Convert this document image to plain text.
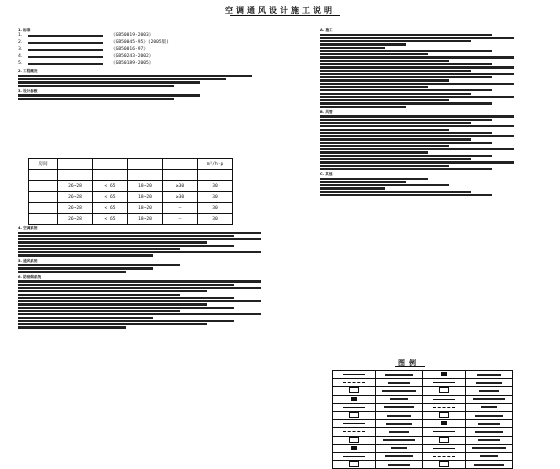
空调通风设计施工说明
1. 标准
1.	《GB50019-2003》
2.	《GB50045-95》(2005版)
3.	《GB50016-97》
4.	《GB50243-2002》
5.	《GB50189-2005》
2. 工程概况
3. 设计参数
房间					m³/h·p

	26~28	< 65	18~20	≥30	30
	26~28	< 65	18~20	≥30	30
	26~28	< 65	18~20	—	30
	26~28	< 65	18~20	—	30
4. 空调系统
5. 通风系统
6. 防排烟系统
A. 施工
B. 风管
C. 其他
图例
